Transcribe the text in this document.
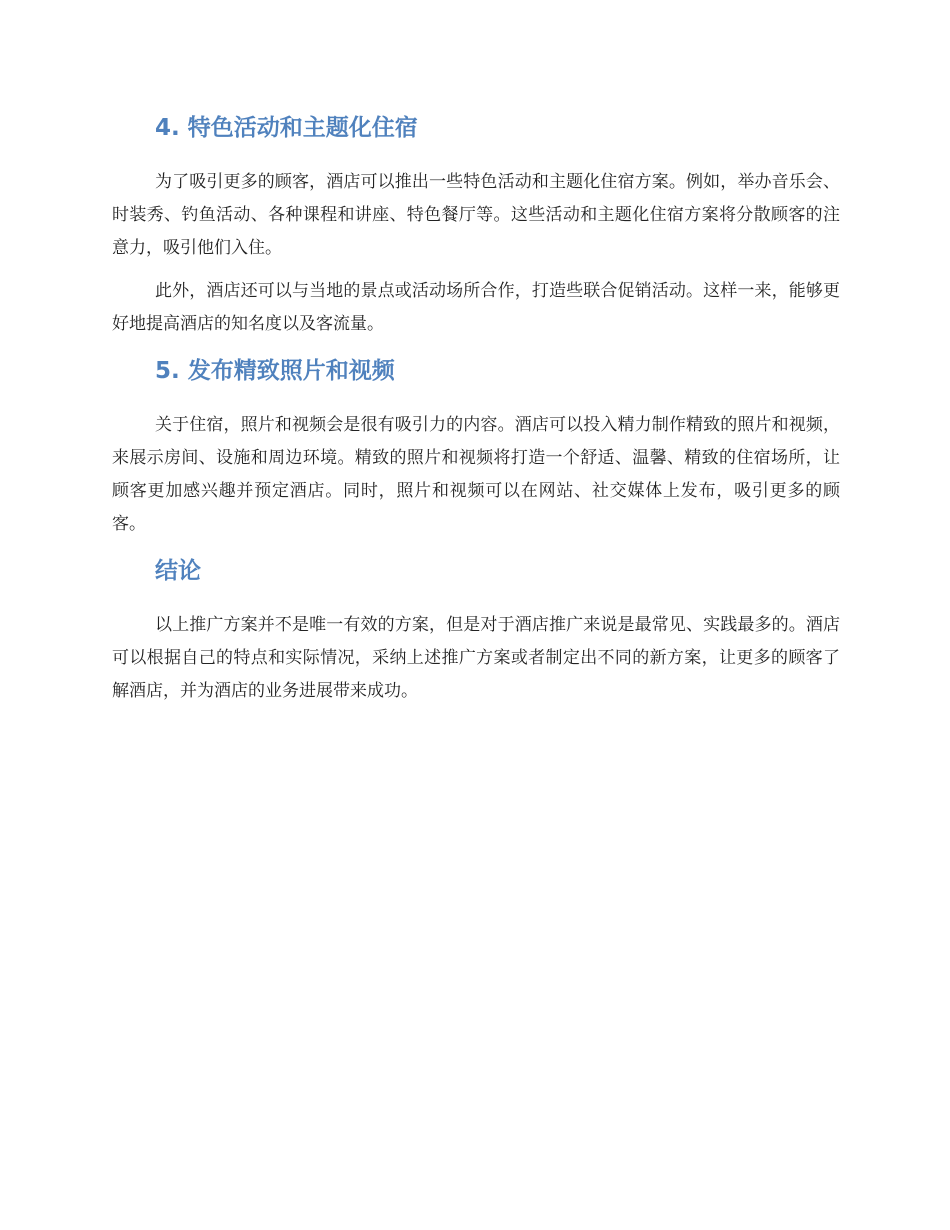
4. 特色活动和主题化住宿

为了吸引更多的顾客，酒店可以推出一些特色活动和主题化住宿方案。例如，举办音乐会、时装秀、钓鱼活动、各种课程和讲座、特色餐厅等。这些活动和主题化住宿方案将分散顾客的注意力，吸引他们入住。

此外，酒店还可以与当地的景点或活动场所合作，打造些联合促销活动。这样一来，能够更好地提高酒店的知名度以及客流量。

5. 发布精致照片和视频

关于住宿，照片和视频会是很有吸引力的内容。酒店可以投入精力制作精致的照片和视频，来展示房间、设施和周边环境。精致的照片和视频将打造一个舒适、温馨、精致的住宿场所，让顾客更加感兴趣并预定酒店。同时，照片和视频可以在网站、社交媒体上发布，吸引更多的顾客。

结论

以上推广方案并不是唯一有效的方案，但是对于酒店推广来说是最常见、实践最多的。酒店可以根据自己的特点和实际情况，采纳上述推广方案或者制定出不同的新方案，让更多的顾客了解酒店，并为酒店的业务进展带来成功。
